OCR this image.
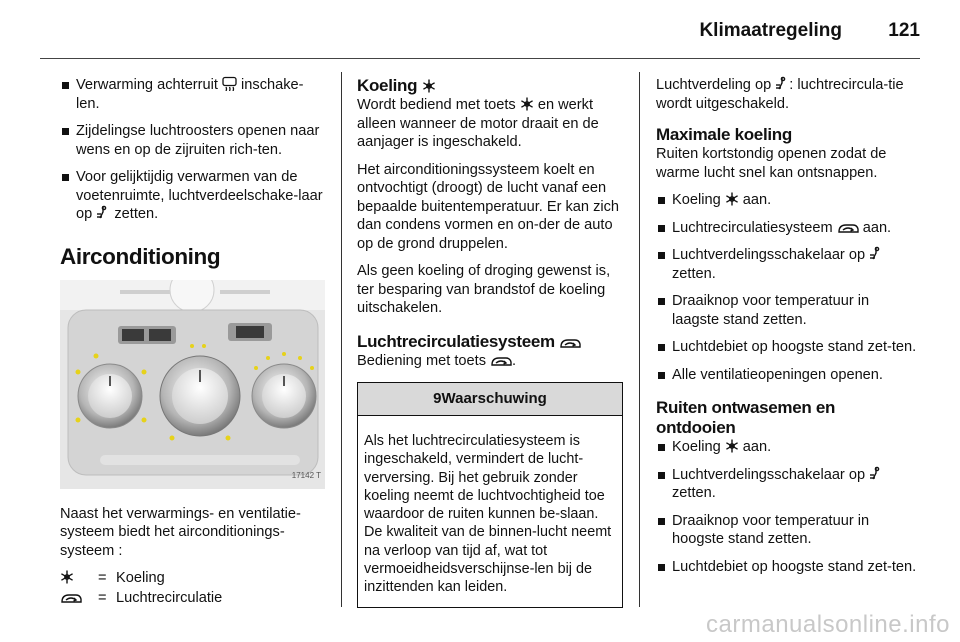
Klimaatregeling 121
Verwarming achterruit  inschake-len.
Zijdelingse luchtroosters openen naar wens en op de zijruiten rich-ten.
Voor gelijktijdig verwarmen van de voetenruimte, luchtverdeelschake-laar op  zetten.
Airconditioning
17142 T
Naast het verwarmings- en ventilatie-systeem biedt het airconditionings-systeem :
= Koeling
= Luchtrecirculatie
Koeling
Wordt bediend met toets  en werkt alleen wanneer de motor draait en de aanjager is ingeschakeld.
Het airconditioningssysteem koelt en ontvochtigt (droogt) de lucht vanaf een bepaalde buitentemperatuur. Er kan zich dan condens vormen en on-der de auto op de grond druppelen.
Als geen koeling of droging gewenst is, ter besparing van brandstof de koeling uitschakelen.
Luchtrecirculatiesysteem
Bediening met toets .
9 Waarschuwing
Als het luchtrecirculatiesysteem is ingeschakeld, vermindert de lucht-verversing. Bij het gebruik zonder koeling neemt de luchtvochtigheid toe waardoor de ruiten kunnen be-slaan. De kwaliteit van de binnen-lucht neemt na verloop van tijd af, wat tot vermoeidheidsverschijnse-len bij de inzittenden kan leiden.
Luchtverdeling op : luchtrecircula-tie wordt uitgeschakeld.
Maximale koeling
Ruiten kortstondig openen zodat de warme lucht snel kan ontsnappen.
Koeling  aan.
Luchtrecirculatiesysteem  aan.
Luchtverdelingsschakelaar op  zetten.
Draaiknop voor temperatuur in laagste stand zetten.
Luchtdebiet op hoogste stand zet-ten.
Alle ventilatieopeningen openen.
Ruiten ontwasemen en ontdooien
Koeling  aan.
Luchtverdelingsschakelaar op  zetten.
Draaiknop voor temperatuur in hoogste stand zetten.
Luchtdebiet op hoogste stand zet-ten.
carmanualsonline.info
